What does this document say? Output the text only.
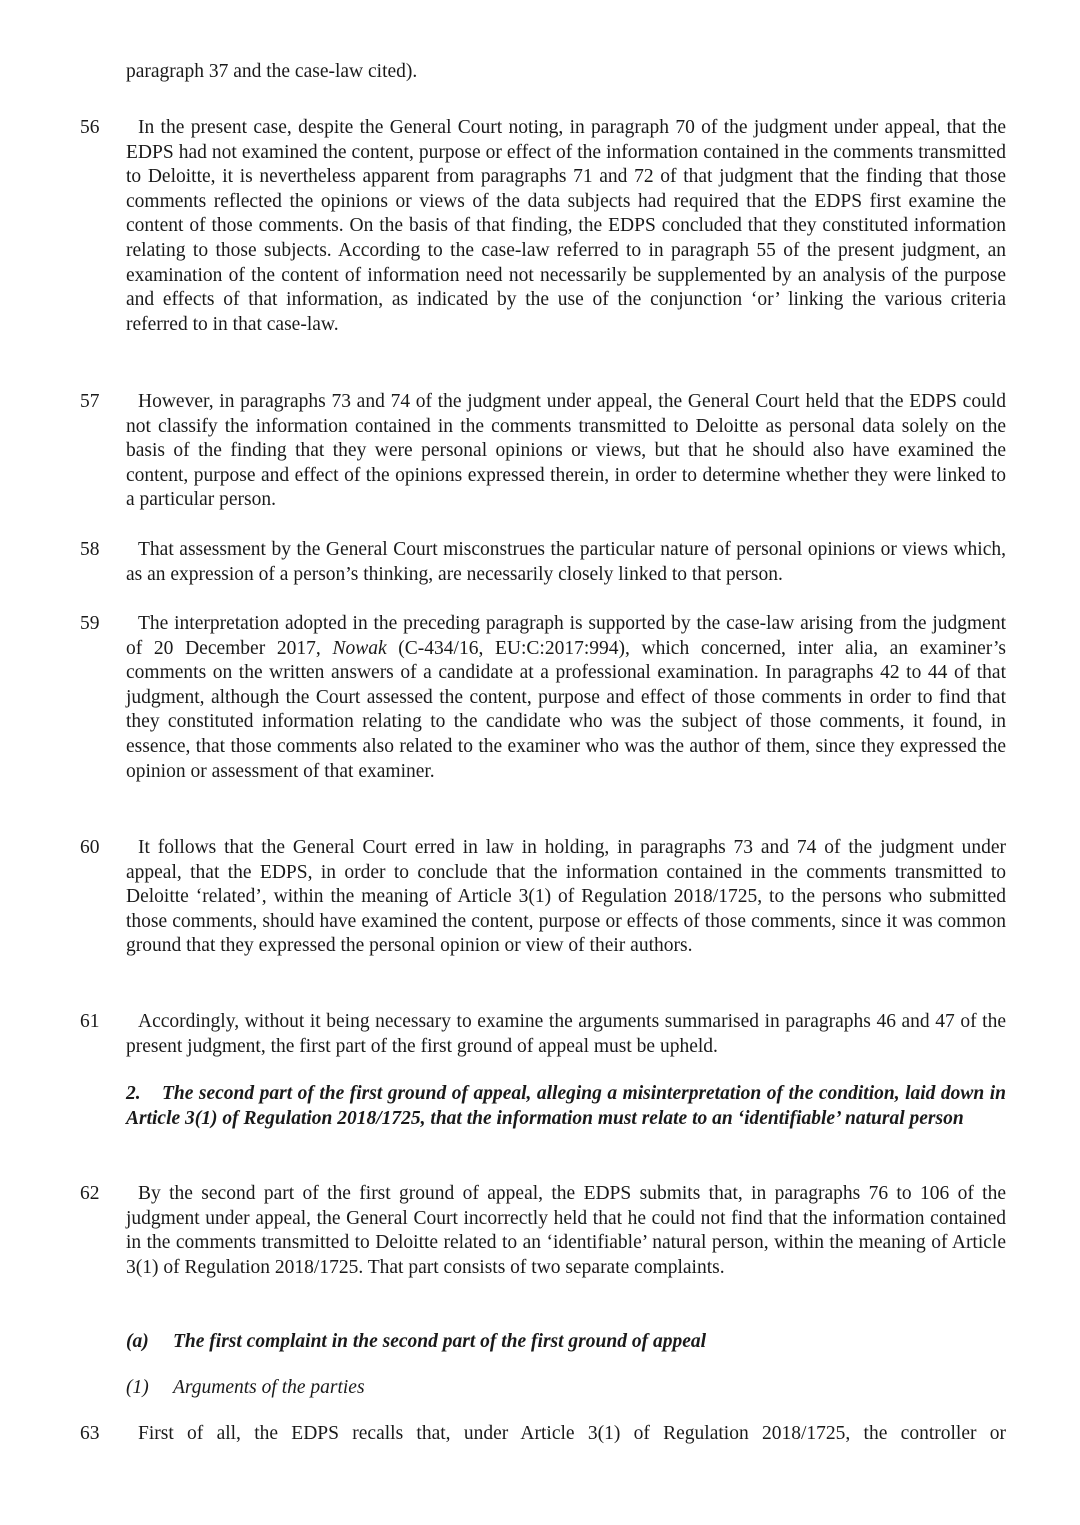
paragraph 37 and the case-law cited).
56	In the present case, despite the General Court noting, in paragraph 70 of the judgment under appeal, that the EDPS had not examined the content, purpose or effect of the information contained in the comments transmitted to Deloitte, it is nevertheless apparent from paragraphs 71 and 72 of that judgment that the finding that those comments reflected the opinions or views of the data subjects had required that the EDPS first examine the content of those comments. On the basis of that finding, the EDPS concluded that they constituted information relating to those subjects. According to the case-law referred to in paragraph 55 of the present judgment, an examination of the content of information need not necessarily be supplemented by an analysis of the purpose and effects of that information, as indicated by the use of the conjunction ‘or’ linking the various criteria referred to in that case-law.
57	However, in paragraphs 73 and 74 of the judgment under appeal, the General Court held that the EDPS could not classify the information contained in the comments transmitted to Deloitte as personal data solely on the basis of the finding that they were personal opinions or views, but that he should also have examined the content, purpose and effect of the opinions expressed therein, in order to determine whether they were linked to a particular person.
58	That assessment by the General Court misconstrues the particular nature of personal opinions or views which, as an expression of a person’s thinking, are necessarily closely linked to that person.
59	The interpretation adopted in the preceding paragraph is supported by the case-law arising from the judgment of 20 December 2017, Nowak (C‑434/16, EU:C:2017:994), which concerned, inter alia, an examiner’s comments on the written answers of a candidate at a professional examination. In paragraphs 42 to 44 of that judgment, although the Court assessed the content, purpose and effect of those comments in order to find that they constituted information relating to the candidate who was the subject of those comments, it found, in essence, that those comments also related to the examiner who was the author of them, since they expressed the opinion or assessment of that examiner.
60	It follows that the General Court erred in law in holding, in paragraphs 73 and 74 of the judgment under appeal, that the EDPS, in order to conclude that the information contained in the comments transmitted to Deloitte ‘related’, within the meaning of Article 3(1) of Regulation 2018/1725, to the persons who submitted those comments, should have examined the content, purpose or effects of those comments, since it was common ground that they expressed the personal opinion or view of their authors.
61	Accordingly, without it being necessary to examine the arguments summarised in paragraphs 46 and 47 of the present judgment, the first part of the first ground of appeal must be upheld.
2. The second part of the first ground of appeal, alleging a misinterpretation of the condition, laid down in Article 3(1) of Regulation 2018/1725, that the information must relate to an ‘identifiable’ natural person
62	By the second part of the first ground of appeal, the EDPS submits that, in paragraphs 76 to 106 of the judgment under appeal, the General Court incorrectly held that he could not find that the information contained in the comments transmitted to Deloitte related to an ‘identifiable’ natural person, within the meaning of Article 3(1) of Regulation 2018/1725. That part consists of two separate complaints.
(a) The first complaint in the second part of the first ground of appeal
(1) Arguments of the parties
63	First of all, the EDPS recalls that, under Article 3(1) of Regulation 2018/1725, the controller or
